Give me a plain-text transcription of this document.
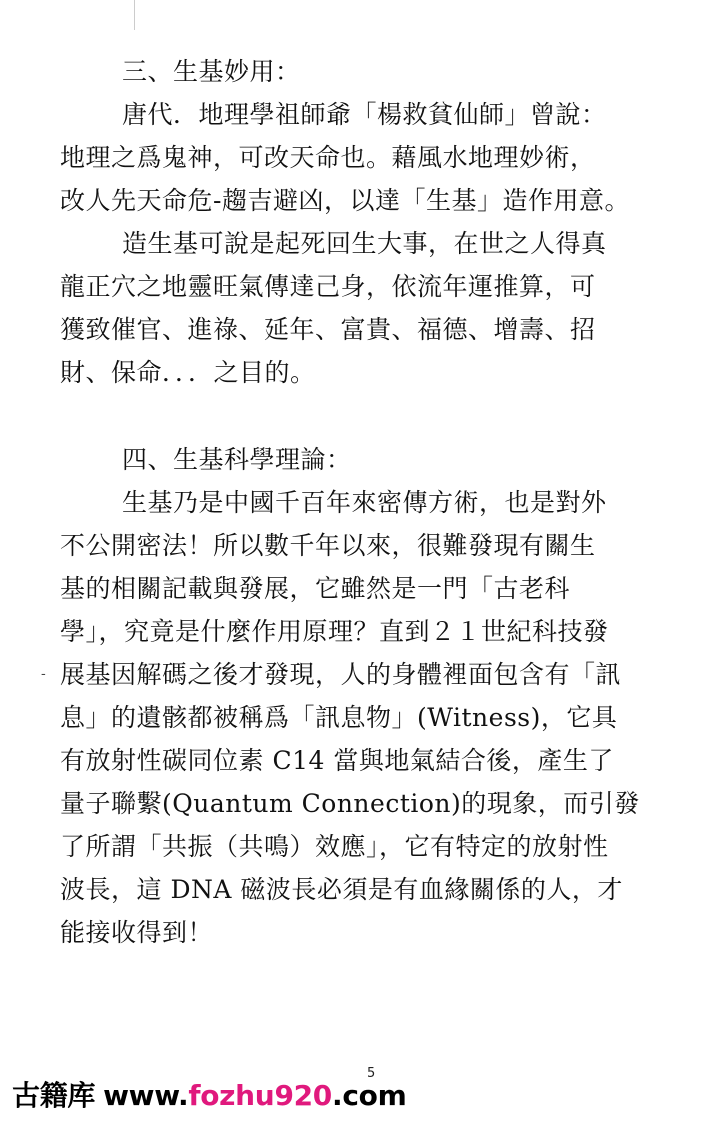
三、生基妙用：
唐代．地理學祖師爺「楊救貧仙師」曾說：
地理之爲鬼神，可改天命也。藉風水地理妙術，
改人先天命危-趨吉避凶，以達「生基」造作用意。
造生基可說是起死回生大事，在世之人得真
龍正穴之地靈旺氣傳達己身，依流年運推算，可
獲致催官、進祿、延年、富貴、福德、增壽、招
財、保命．．．之目的。
四、生基科學理論：
生基乃是中國千百年來密傳方術，也是對外
不公開密法！所以數千年以來，很難發現有關生
基的相關記載與發展，它雖然是一門「古老科
學」，究竟是什麼作用原理？直到２１世紀科技發
展基因解碼之後才發現，人的身體裡面包含有「訊
息」的遺骸都被稱爲「訊息物」(Witness)，它具
有放射性碳同位素 C14 當與地氣結合後，產生了
量子聯繫(Quantum Connection)的現象，而引發
了所謂「共振（共鳴）效應」，它有特定的放射性
波長，這 DNA 磁波長必須是有血緣關係的人，才
能接收得到！
-
5
古籍库 www.fozhu920.com
